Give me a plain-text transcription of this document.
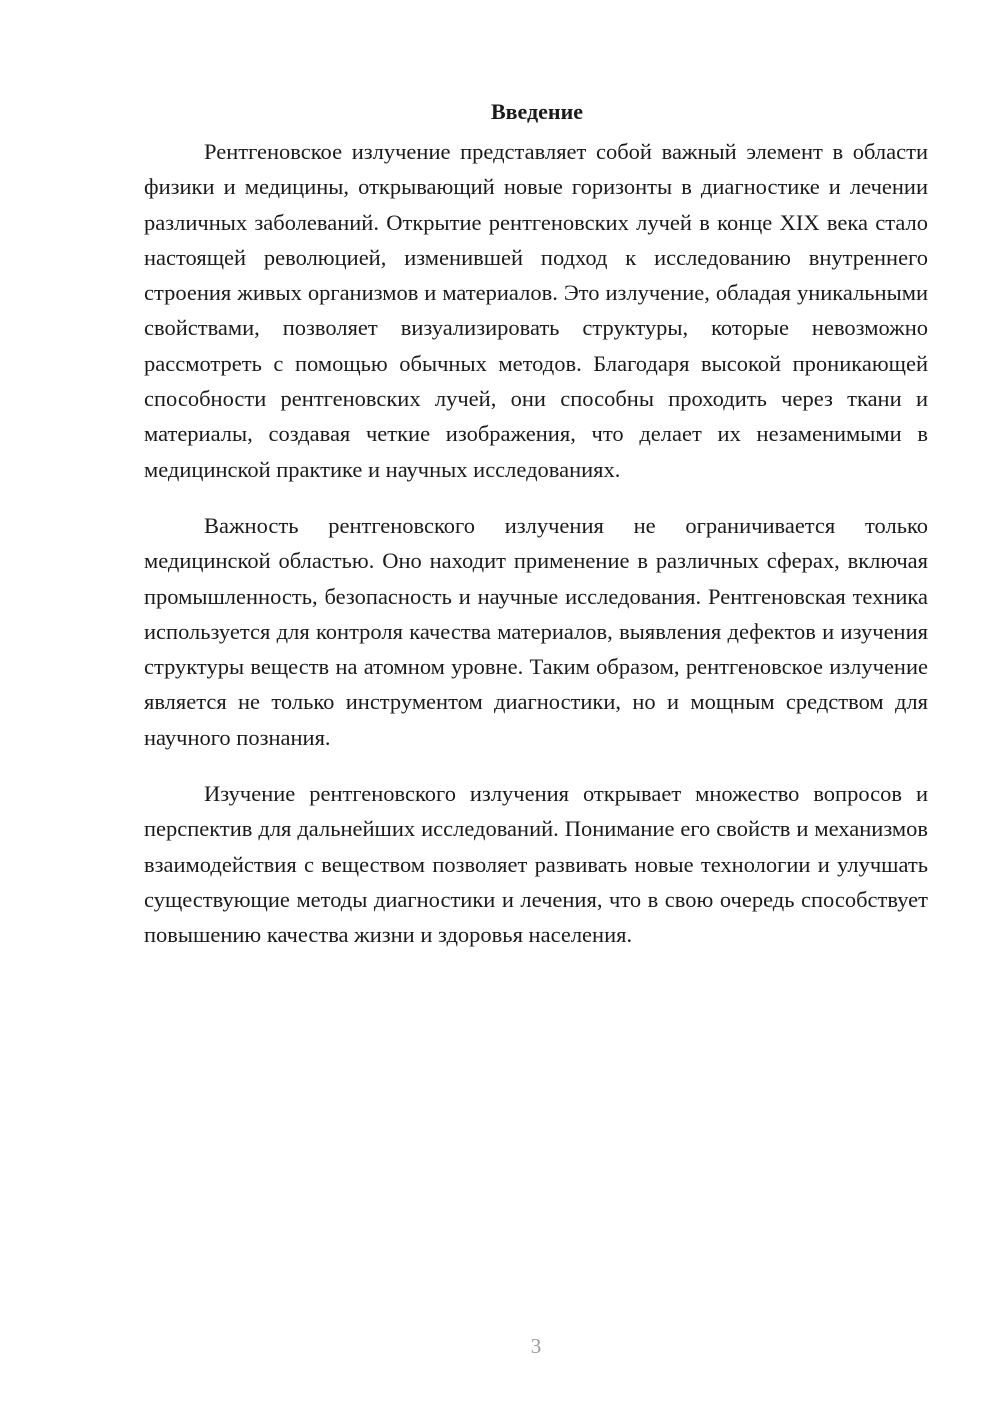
Введение

Рентгеновское излучение представляет собой важный элемент в области физики и медицины, открывающий новые горизонты в диагностике и лечении различных заболеваний. Открытие рентгеновских лучей в конце XIX века стало настоящей революцией, изменившей подход к исследованию внутреннего строения живых организмов и материалов. Это излучение, обладая уникальными свойствами, позволяет визуализировать структуры, которые невозможно рассмотреть с помощью обычных методов. Благодаря высокой проникающей способности рентгеновских лучей, они способны проходить через ткани и материалы, создавая четкие изображения, что делает их незаменимыми в медицинской практике и научных исследованиях.

Важность рентгеновского излучения не ограничивается только медицинской областью. Оно находит применение в различных сферах, включая промышленность, безопасность и научные исследования. Рентгеновская техника используется для контроля качества материалов, выявления дефектов и изучения структуры веществ на атомном уровне. Таким образом, рентгеновское излучение является не только инструментом диагностики, но и мощным средством для научного познания.

Изучение рентгеновского излучения открывает множество вопросов и перспектив для дальнейших исследований. Понимание его свойств и механизмов взаимодействия с веществом позволяет развивать новые технологии и улучшать существующие методы диагностики и лечения, что в свою очередь способствует повышению качества жизни и здоровья населения.

3
